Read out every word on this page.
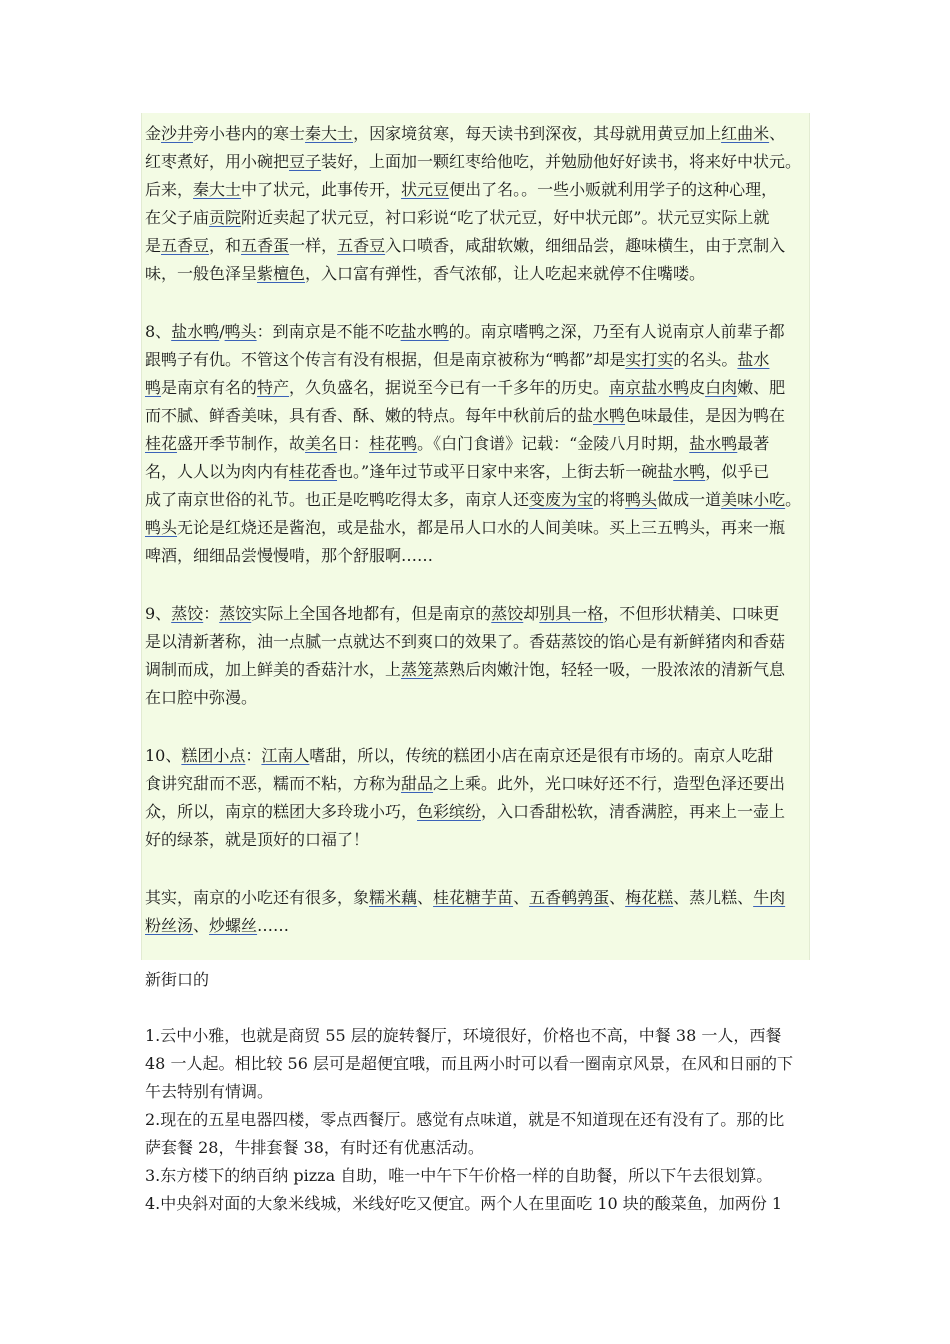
金沙井旁小巷内的寒士秦大士，因家境贫寒，每天读书到深夜，其母就用黄豆加上红曲米、
红枣煮好，用小碗把豆子装好，上面加一颗红枣给他吃，并勉励他好好读书，将来好中状元。
后来，秦大士中了状元，此事传开，状元豆便出了名。。一些小贩就利用学子的这种心理，
在父子庙贡院附近卖起了状元豆，衬口彩说“吃了状元豆，好中状元郎”。状元豆实际上就
是五香豆，和五香蛋一样，五香豆入口喷香，咸甜软嫩，细细品尝，趣味横生，由于烹制入
味，一般色泽呈紫檀色，入口富有弹性，香气浓郁，让人吃起来就停不住嘴喽。
8、盐水鸭/鸭头：到南京是不能不吃盐水鸭的。南京嗜鸭之深，乃至有人说南京人前辈子都
跟鸭子有仇。不管这个传言有没有根据，但是南京被称为“鸭都”却是实打实的名头。盐水
鸭是南京有名的特产，久负盛名，据说至今已有一千多年的历史。南京盐水鸭皮白肉嫩、肥
而不腻、鲜香美味，具有香、酥、嫩的特点。每年中秋前后的盐水鸭色味最佳，是因为鸭在
桂花盛开季节制作，故美名日：桂花鸭。《白门食谱》记载：“金陵八月时期，盐水鸭最著
名，人人以为肉内有桂花香也。”逢年过节或平日家中来客，上街去斩一碗盐水鸭，似乎已
成了南京世俗的礼节。也正是吃鸭吃得太多，南京人还变废为宝的将鸭头做成一道美味小吃。
鸭头无论是红烧还是酱泡，或是盐水，都是吊人口水的人间美味。买上三五鸭头，再来一瓶
啤酒，细细品尝慢慢啃，那个舒服啊……
9、蒸饺：蒸饺实际上全国各地都有，但是南京的蒸饺却别具一格，不但形状精美、口味更
是以清新著称，油一点腻一点就达不到爽口的效果了。香菇蒸饺的馅心是有新鲜猪肉和香菇
调制而成，加上鲜美的香菇汁水，上蒸笼蒸熟后肉嫩汁饱，轻轻一吸，一股浓浓的清新气息
在口腔中弥漫。
10、糕团小点：江南人嗜甜，所以，传统的糕团小店在南京还是很有市场的。南京人吃甜
食讲究甜而不恶，糯而不粘，方称为甜品之上乘。此外，光口味好还不行，造型色泽还要出
众，所以，南京的糕团大多玲珑小巧，色彩缤纷，入口香甜松软，清香满腔，再来上一壶上
好的绿茶，就是顶好的口福了！
其实，南京的小吃还有很多，象糯米藕、桂花糖芋苗、五香鹌鹑蛋、梅花糕、蒸儿糕、牛肉
粉丝汤、炒螺丝……
新街口的
1.云中小雅，也就是商贸 55 层的旋转餐厅，环境很好，价格也不高，中餐 38 一人，西餐
48 一人起。相比较 56 层可是超便宜哦，而且两小时可以看一圈南京风景，在风和日丽的下
午去特别有情调。
2.现在的五星电器四楼，零点西餐厅。感觉有点味道，就是不知道现在还有没有了。那的比
萨套餐 28，牛排套餐 38，有时还有优惠活动。
3.东方楼下的纳百纳 pizza 自助，唯一中午下午价格一样的自助餐，所以下午去很划算。
4.中央斜对面的大象米线城，米线好吃又便宜。两个人在里面吃 10 块的酸菜鱼，加两份 1
